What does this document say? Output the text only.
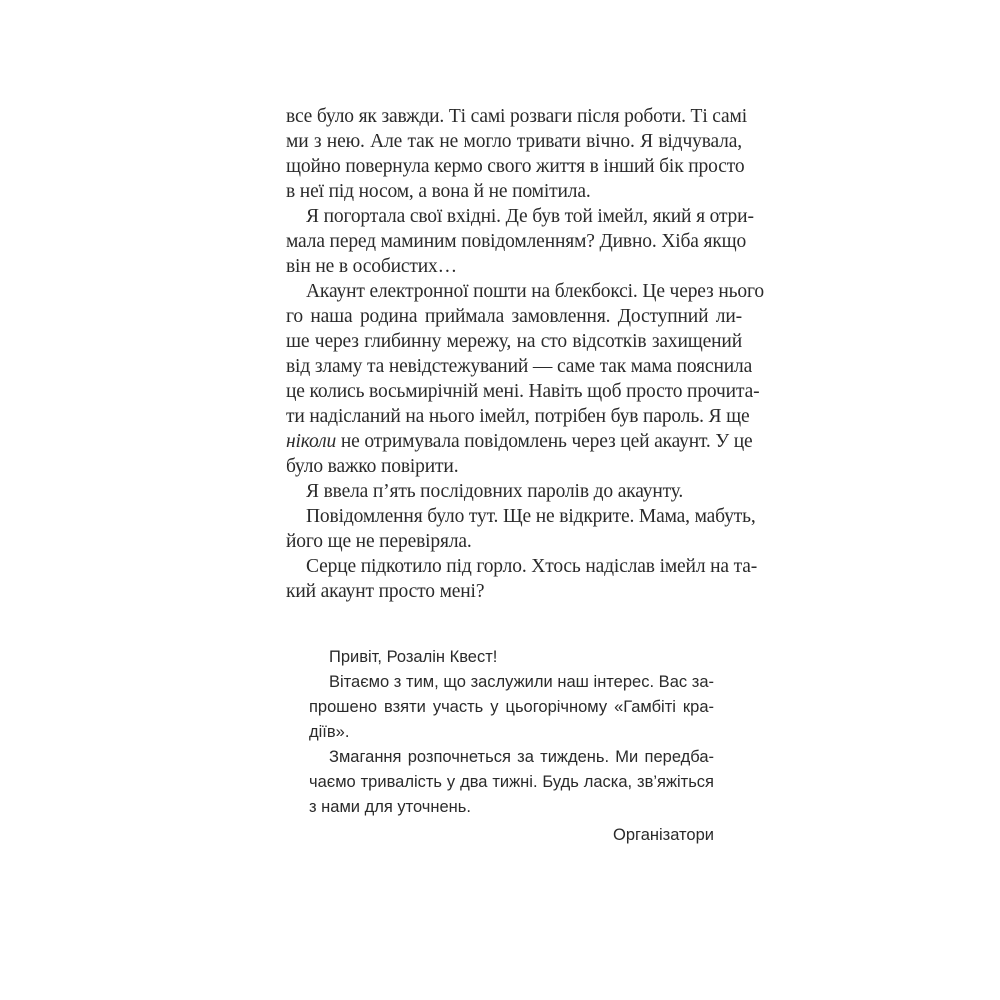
все було як завжди. Ті самі розваги після роботи. Ті самі
ми з нею. Але так не могло тривати вічно. Я відчувала,
щойно повернула кермо свого життя в інший бік просто
в неї під носом, а вона й не помітила.
Я погортала свої вхідні. Де був той імейл, який я отри-
мала перед маминим повідомленням? Дивно. Хіба якщо
він не в особистих…
Акаунт електронної пошти на блекбоксі. Це через нього
го наша родина приймала замовлення. Доступний ли-
ше через глибинну мережу, на сто відсотків захищений
від зламу та невідстежуваний — саме так мама пояснила
це колись восьмирічній мені. Навіть щоб просто прочита-
ти надісланий на нього імейл, потрібен був пароль. Я ще
ніколи не отримувала повідомлень через цей акаунт. У це
було важко повірити.
Я ввела п’ять послідовних паролів до акаунту.
Повідомлення було тут. Ще не відкрите. Мама, мабуть,
його ще не перевіряла.
Серце підкотило під горло. Хтось надіслав імейл на та-
кий акаунт просто мені?
Привіт, Розалін Квест!
Вітаємо з тим, що заслужили наш інтерес. Вас за-
прошено взяти участь у цьогорічному «Гамбіті кра-
діїв».
Змагання розпочнеться за тиждень. Ми передба-
чаємо тривалість у два тижні. Будь ласка, зв’яжіться
з нами для уточнень.
Організатори
